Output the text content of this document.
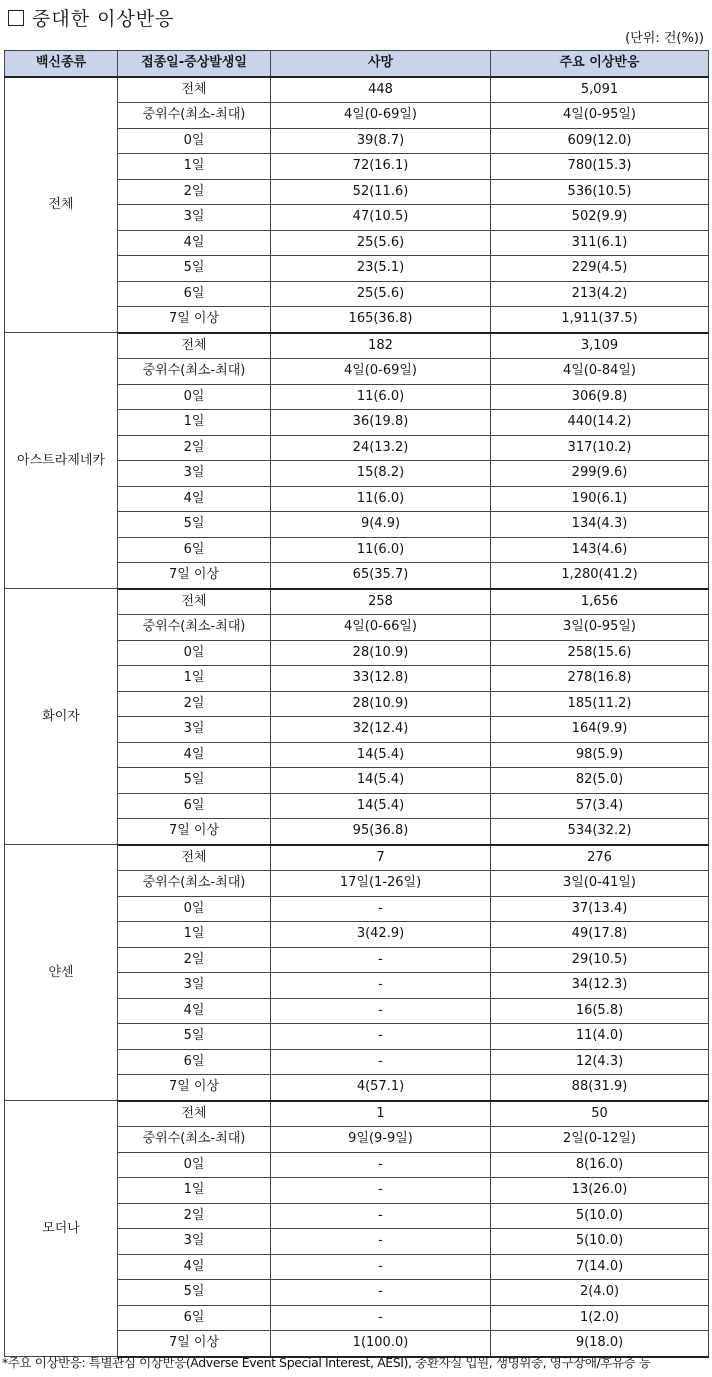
중대한 이상반응
(단위: 건(%))
백신종류	접종일-증상발생일	사망	주요 이상반응
전체	전체	448	5,091
	중위수(최소-최대)	4일(0-69일)	4일(0-95일)
	0일	39(8.7)	609(12.0)
	1일	72(16.1)	780(15.3)
	2일	52(11.6)	536(10.5)
	3일	47(10.5)	502(9.9)
	4일	25(5.6)	311(6.1)
	5일	23(5.1)	229(4.5)
	6일	25(5.6)	213(4.2)
	7일 이상	165(36.8)	1,911(37.5)
아스트라제네카	전체	182	3,109
	중위수(최소-최대)	4일(0-69일)	4일(0-84일)
	0일	11(6.0)	306(9.8)
	1일	36(19.8)	440(14.2)
	2일	24(13.2)	317(10.2)
	3일	15(8.2)	299(9.6)
	4일	11(6.0)	190(6.1)
	5일	9(4.9)	134(4.3)
	6일	11(6.0)	143(4.6)
	7일 이상	65(35.7)	1,280(41.2)
화이자	전체	258	1,656
	중위수(최소-최대)	4일(0-66일)	3일(0-95일)
	0일	28(10.9)	258(15.6)
	1일	33(12.8)	278(16.8)
	2일	28(10.9)	185(11.2)
	3일	32(12.4)	164(9.9)
	4일	14(5.4)	98(5.9)
	5일	14(5.4)	82(5.0)
	6일	14(5.4)	57(3.4)
	7일 이상	95(36.8)	534(32.2)
얀센	전체	7	276
	중위수(최소-최대)	17일(1-26일)	3일(0-41일)
	0일	-	37(13.4)
	1일	3(42.9)	49(17.8)
	2일	-	29(10.5)
	3일	-	34(12.3)
	4일	-	16(5.8)
	5일	-	11(4.0)
	6일	-	12(4.3)
	7일 이상	4(57.1)	88(31.9)
모더나	전체	1	50
	중위수(최소-최대)	9일(9-9일)	2일(0-12일)
	0일	-	8(16.0)
	1일	-	13(26.0)
	2일	-	5(10.0)
	3일	-	5(10.0)
	4일	-	7(14.0)
	5일	-	2(4.0)
	6일	-	1(2.0)
	7일 이상	1(100.0)	9(18.0)
*주요 이상반응: 특별관심 이상반응(Adverse Event Special Interest, AESI), 중환자실 입원, 생명위중, 영구장애/후유증 등
